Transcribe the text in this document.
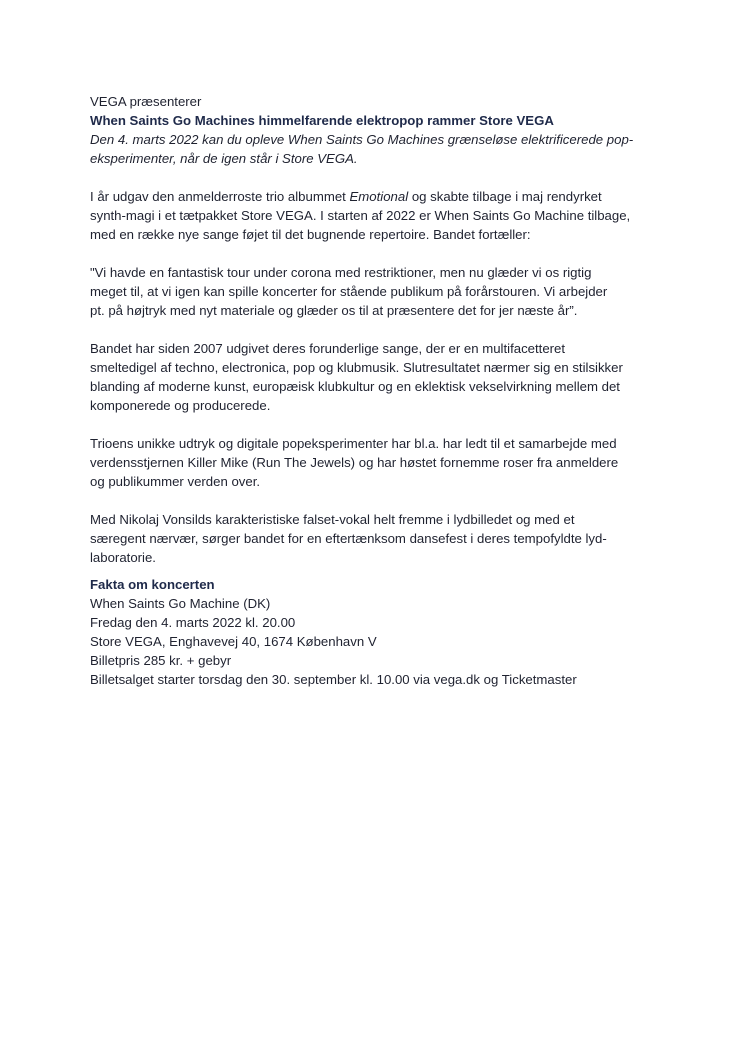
VEGA præsenterer

When Saints Go Machines himmelfarende elektropop rammer Store VEGA

Den 4. marts 2022 kan du opleve When Saints Go Machines grænseløse elektrificerede pop-

eksperimenter, når de igen står i Store VEGA.

I år udgav den anmelderroste trio albummet Emotional og skabte tilbage i maj rendyrket

synth-magi i et tætpakket Store VEGA. I starten af 2022 er When Saints Go Machine tilbage,

med en række nye sange føjet til det bugnende repertoire. Bandet fortæller:

"Vi havde en fantastisk tour under corona med restriktioner, men nu glæder vi os rigtig

meget til, at vi igen kan spille koncerter for stående publikum på forårstouren. Vi arbejder

pt. på højtryk med nyt materiale og glæder os til at præsentere det for jer næste år”.

Bandet har siden 2007 udgivet deres forunderlige sange, der er en multifacetteret

smeltedigel af techno, electronica, pop og klubmusik. Slutresultatet nærmer sig en stilsikker

blanding af moderne kunst, europæisk klubkultur og en eklektisk vekselvirkning mellem det

komponerede og producerede.

Trioens unikke udtryk og digitale popeksperimenter har bl.a. har ledt til et samarbejde med

verdensstjernen Killer Mike (Run The Jewels) og har høstet fornemme roser fra anmeldere

og publikummer verden over.

Med Nikolaj Vonsilds karakteristiske falset-vokal helt fremme i lydbilledet og med et

særegent nærvær, sørger bandet for en eftertænksom dansefest i deres tempofyldte lyd-

laboratorie.

Fakta om koncerten

When Saints Go Machine (DK)

Fredag den 4. marts 2022 kl. 20.00

Store VEGA, Enghavevej 40, 1674 København V

Billetpris 285 kr. + gebyr

Billetsalget starter torsdag den 30. september kl. 10.00 via vega.dk og Ticketmaster
